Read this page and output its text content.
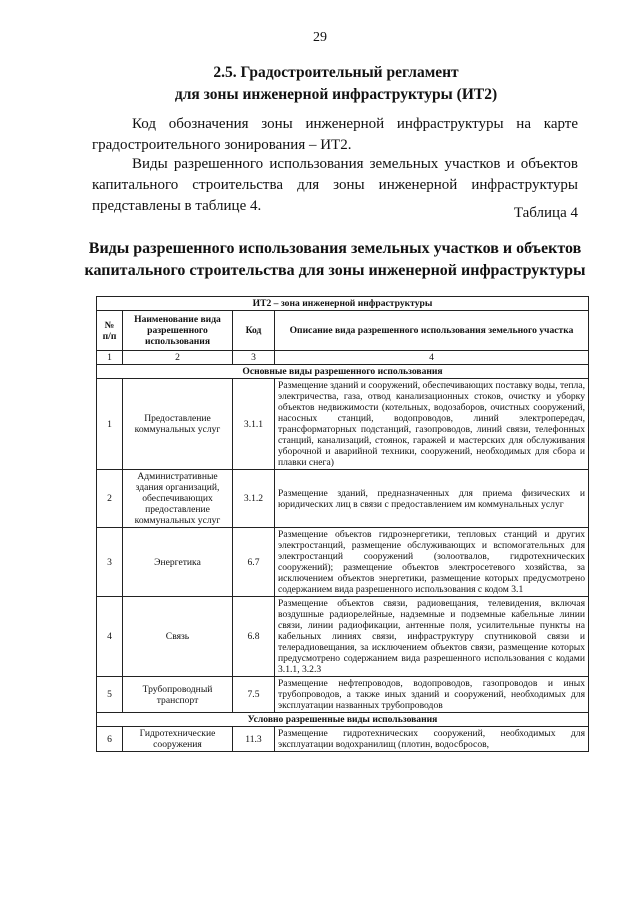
29
2.5. Градостроительный регламент
для зоны инженерной инфраструктуры (ИТ2)
Код обозначения зоны инженерной инфраструктуры на карте градостроительного зонирования – ИТ2.
Виды разрешенного использования земельных участков и объектов капитального строительства для зоны инженерной инфраструктуры представлены в таблице 4.	Таблица 4
Виды разрешенного использования земельных участков и объектов
капитального строительства для зоны инженерной инфраструктуры
ИТ2 – зона инженерной инфраструктуры			
№ п/п	Наименование вида разрешенного использования	Код	Описание вида разрешенного использования земельного участка
1	2	3	4
Основные виды разрешенного использования			
1	Предоставление коммунальных услуг	3.1.1	Размещение зданий и сооружений, обеспечивающих поставку воды, тепла, электричества, газа, отвод канализационных стоков, очистку и уборку объектов недвижимости (котельных, водозаборов, очистных сооружений, насосных станций, водопроводов, линий электропередач, трансформаторных подстанций, газопроводов, линий связи, телефонных станций, канализаций, стоянок, гаражей и мастерских для обслуживания уборочной и аварийной техники, сооружений, необходимых для сбора и плавки снега)
2	Административные здания организаций, обеспечивающих предоставление коммунальных услуг	3.1.2	Размещение зданий, предназначенных для приема физических и юридических лиц в связи с предоставлением им коммунальных услуг
3	Энергетика	6.7	Размещение объектов гидроэнергетики, тепловых станций и других электростанций, размещение обслуживающих и вспомогательных для электростанций сооружений (золоотвалов, гидротехнических сооружений); размещение объектов электросетевого хозяйства, за исключением объектов энергетики, размещение которых предусмотрено содержанием вида разрешенного использования с кодом 3.1
4	Связь	6.8	Размещение объектов связи, радиовещания, телевидения, включая воздушные радиорелейные, надземные и подземные кабельные линии связи, линии радиофикации, антенные поля, усилительные пункты на кабельных линиях связи, инфраструктуру спутниковой связи и телерадиовещания, за исключением объектов связи, размещение которых предусмотрено содержанием вида разрешенного использования с кодами 3.1.1, 3.2.3
5	Трубопроводный транспорт	7.5	Размещение нефтепроводов, водопроводов, газопроводов и иных трубопроводов, а также иных зданий и сооружений, необходимых для эксплуатации названных трубопроводов
Условно разрешенные виды использования			
6	Гидротехнические сооружения	11.3	Размещение гидротехнических сооружений, необходимых для эксплуатации водохранилищ (плотин, водосбросов,
